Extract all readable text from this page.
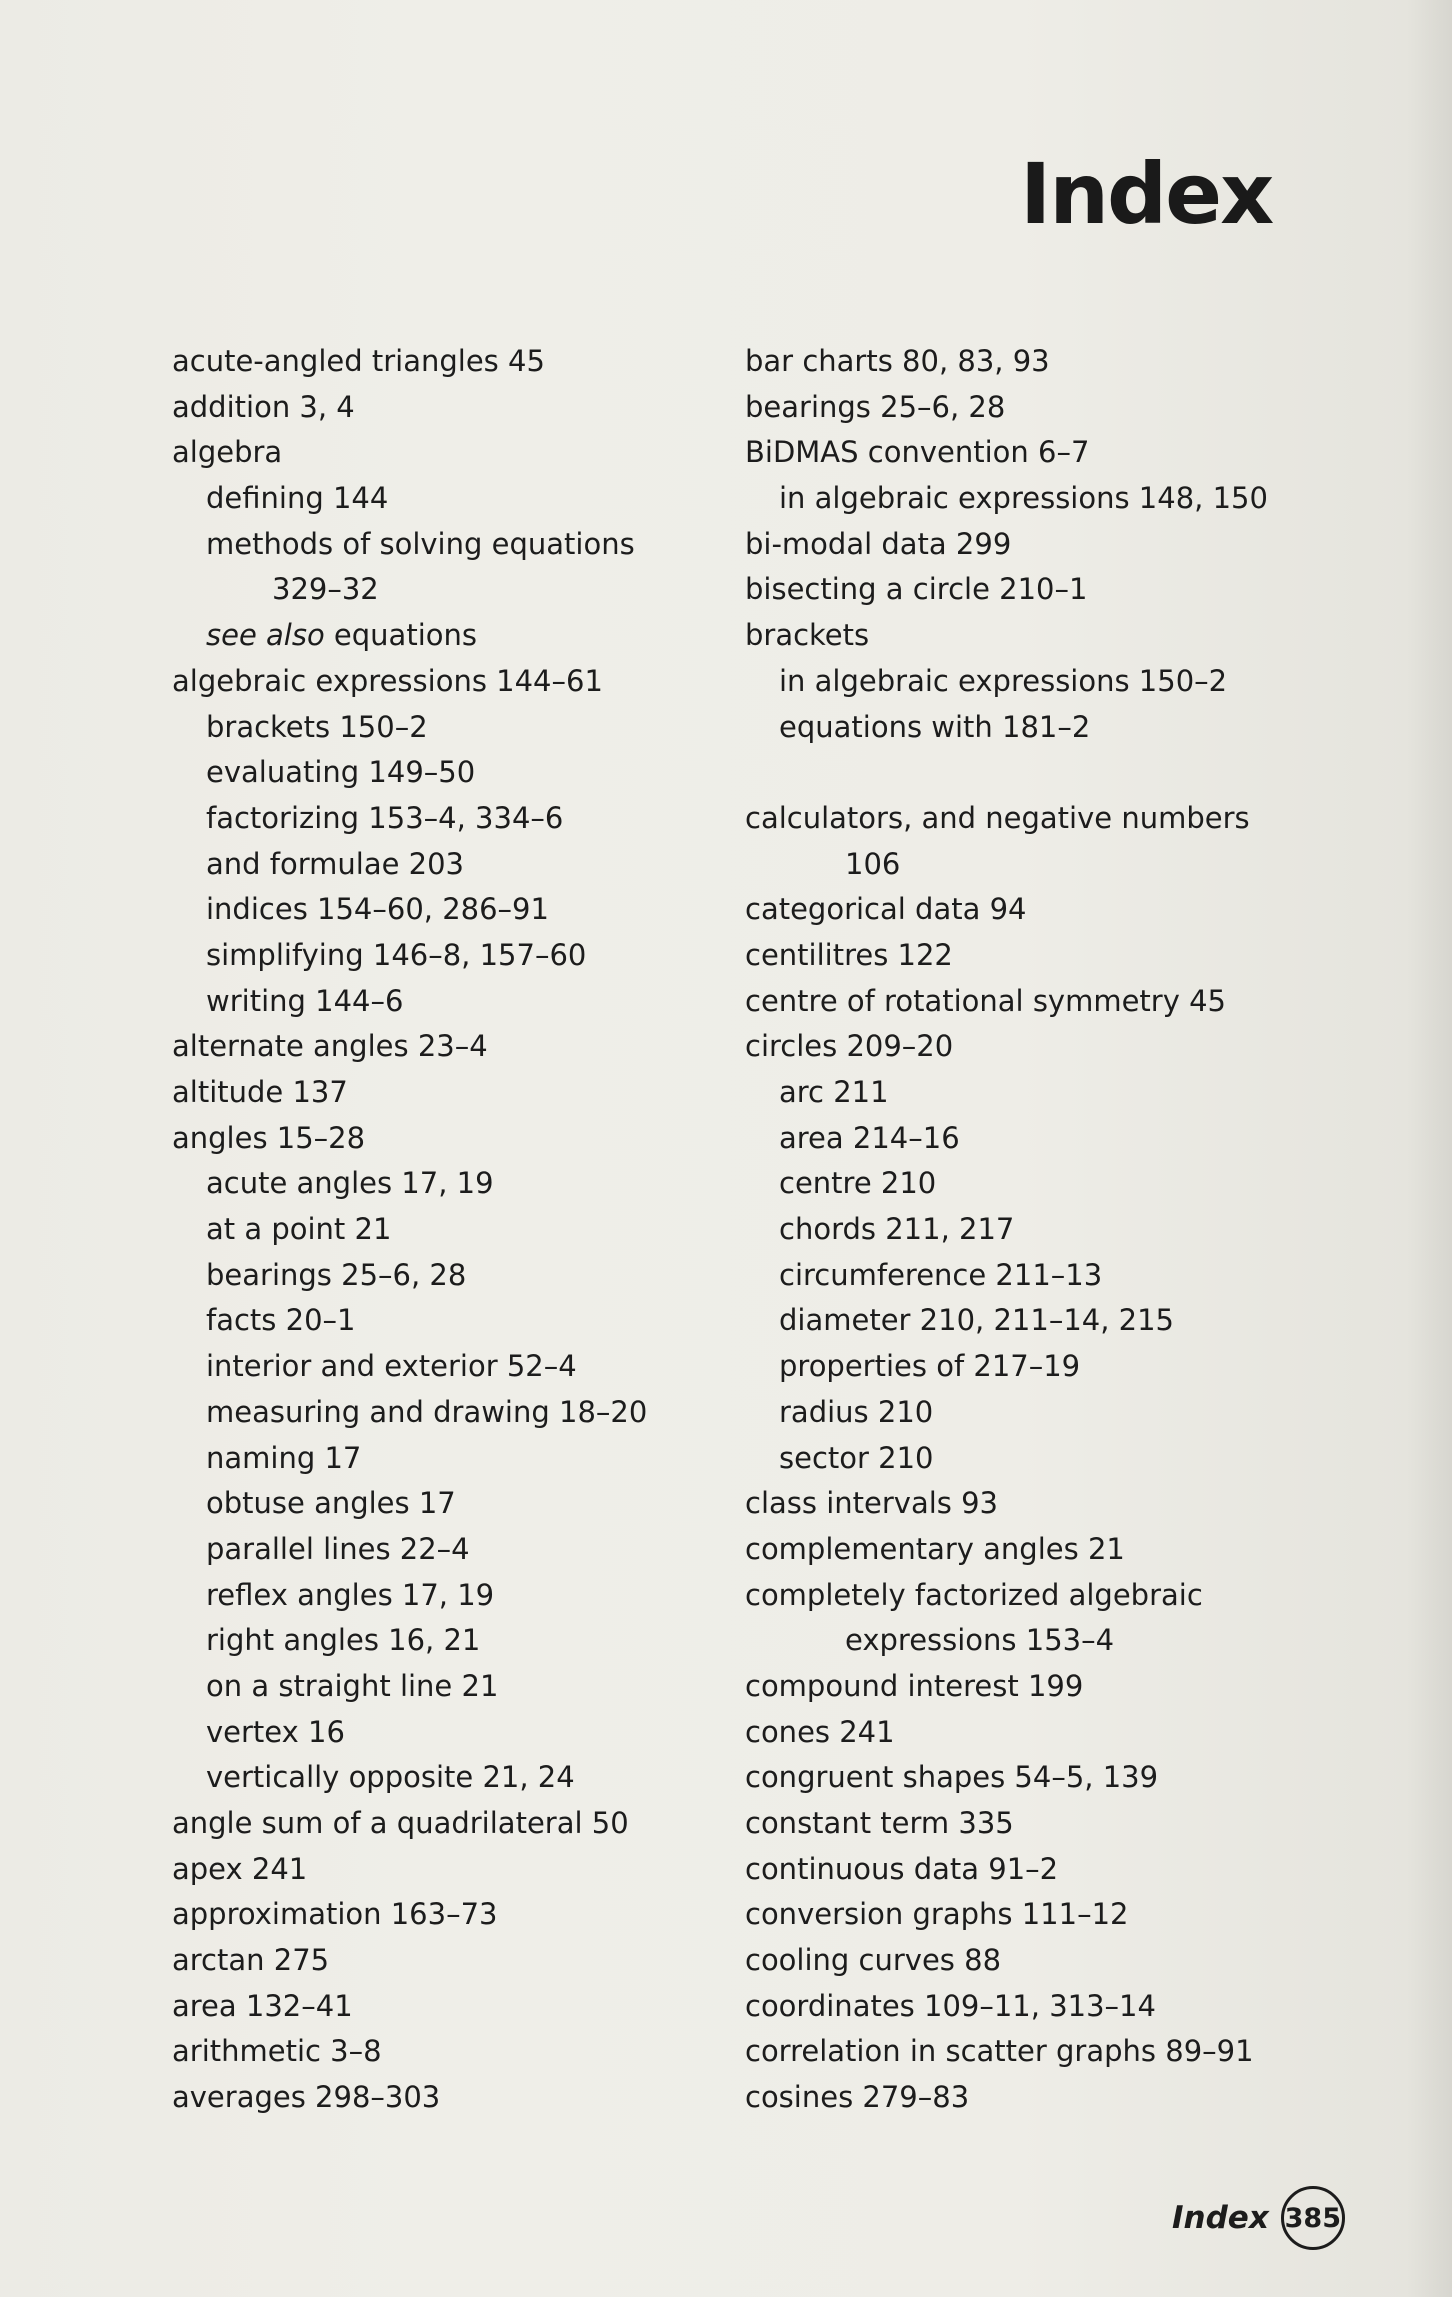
Index
acute-angled triangles 45
addition 3, 4
algebra
defining 144
methods of solving equations
329–32
see also equations
algebraic expressions 144–61
brackets 150–2
evaluating 149–50
factorizing 153–4, 334–6
and formulae 203
indices 154–60, 286–91
simplifying 146–8, 157–60
writing 144–6
alternate angles 23–4
altitude 137
angles 15–28
acute angles 17, 19
at a point 21
bearings 25–6, 28
facts 20–1
interior and exterior 52–4
measuring and drawing 18–20
naming 17
obtuse angles 17
parallel lines 22–4
reflex angles 17, 19
right angles 16, 21
on a straight line 21
vertex 16
vertically opposite 21, 24
angle sum of a quadrilateral 50
apex 241
approximation 163–73
arctan 275
area 132–41
arithmetic 3–8
averages 298–303
bar charts 80, 83, 93
bearings 25–6, 28
BiDMAS convention 6–7
in algebraic expressions 148, 150
bi-modal data 299
bisecting a circle 210–1
brackets
in algebraic expressions 150–2
equations with 181–2
calculators, and negative numbers
106
categorical data 94
centilitres 122
centre of rotational symmetry 45
circles 209–20
arc 211
area 214–16
centre 210
chords 211, 217
circumference 211–13
diameter 210, 211–14, 215
properties of 217–19
radius 210
sector 210
class intervals 93
complementary angles 21
completely factorized algebraic
expressions 153–4
compound interest 199
cones 241
congruent shapes 54–5, 139
constant term 335
continuous data 91–2
conversion graphs 111–12
cooling curves 88
coordinates 109–11, 313–14
correlation in scatter graphs 89–91
cosines 279–83
Index 385
